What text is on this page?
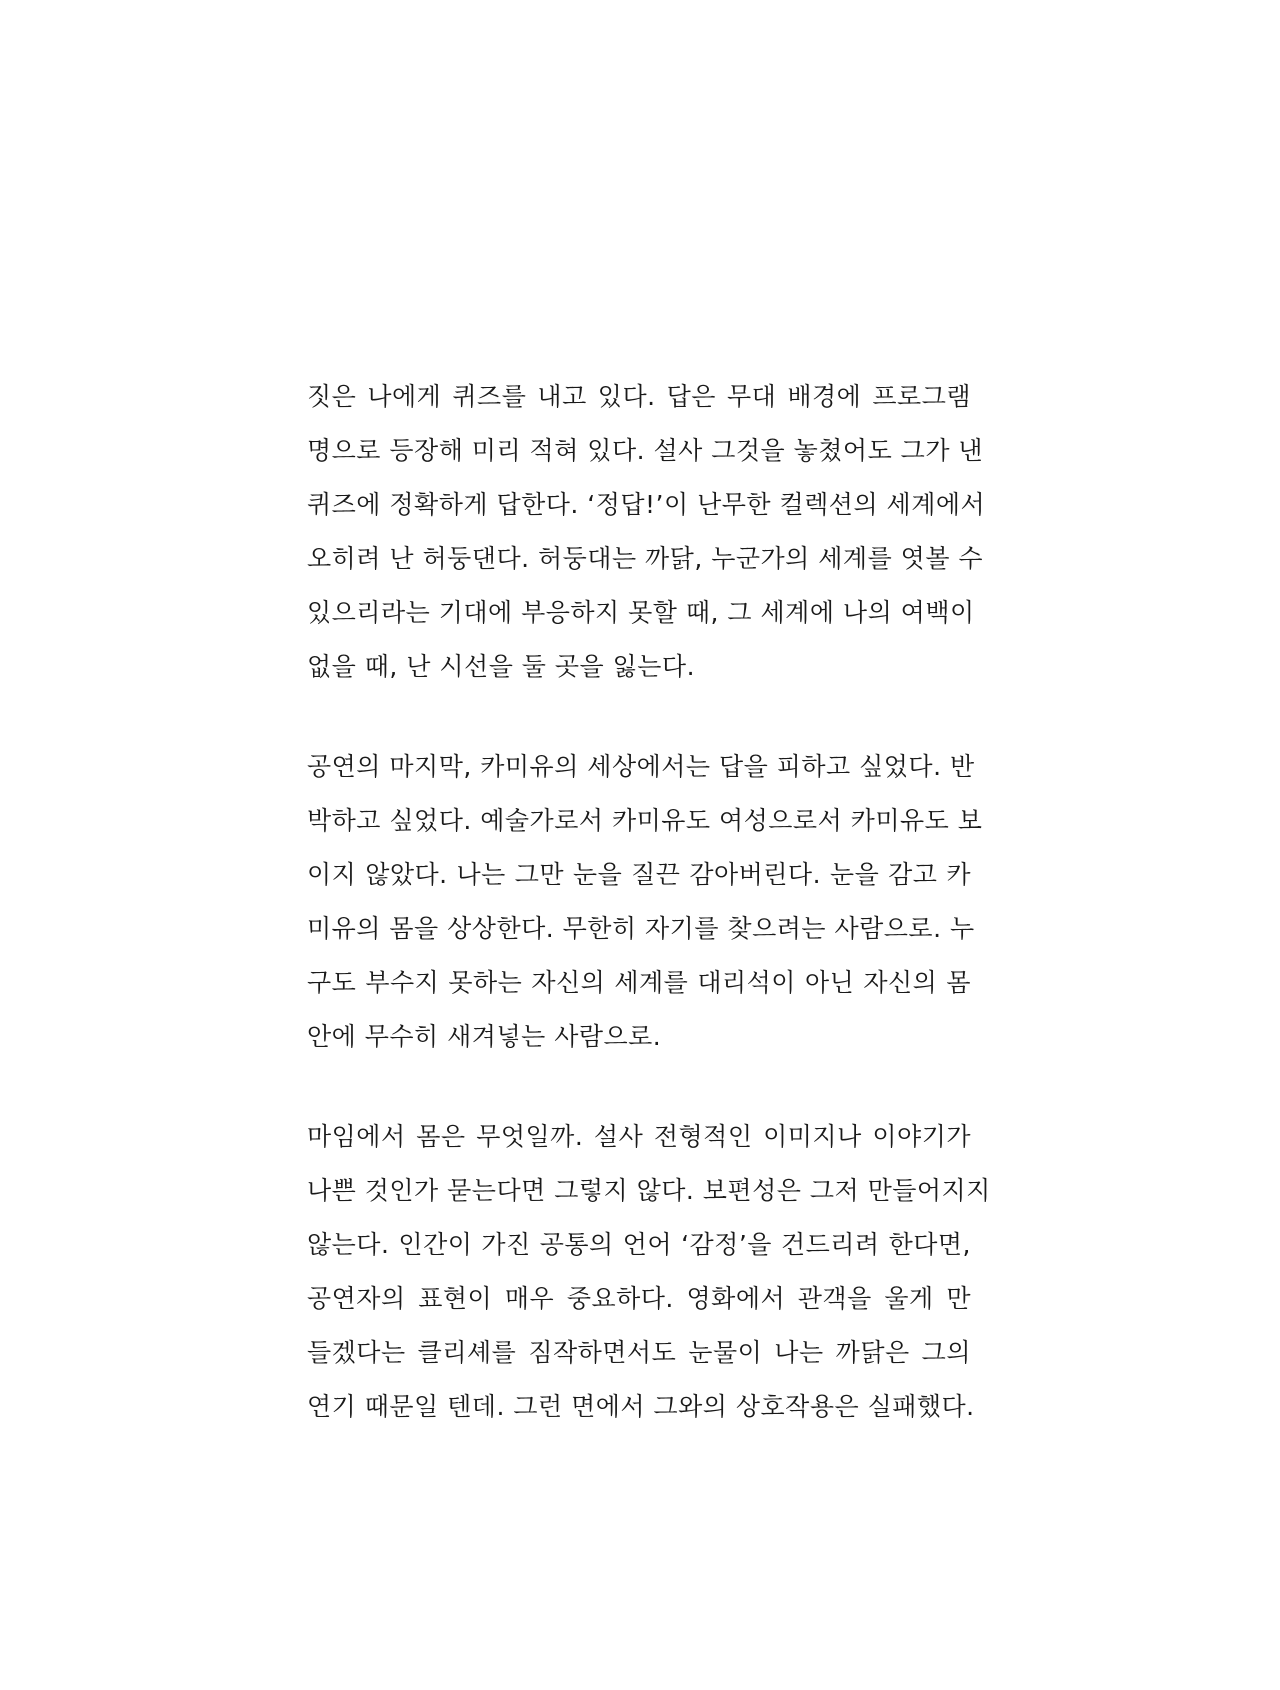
짓은 나에게 퀴즈를 내고 있다. 답은 무대 배경에 프로그램
명으로 등장해 미리 적혀 있다. 설사 그것을 놓쳤어도 그가 낸
퀴즈에 정확하게 답한다. ‘정답!’이 난무한 컬렉션의 세계에서
오히려 난 허둥댄다. 허둥대는 까닭, 누군가의 세계를 엿볼 수
있으리라는 기대에 부응하지 못할 때, 그 세계에 나의 여백이
없을 때, 난 시선을 둘 곳을 잃는다.

공연의 마지막, 카미유의 세상에서는 답을 피하고 싶었다. 반
박하고 싶었다. 예술가로서 카미유도 여성으로서 카미유도 보
이지 않았다. 나는 그만 눈을 질끈 감아버린다. 눈을 감고 카
미유의 몸을 상상한다. 무한히 자기를 찾으려는 사람으로. 누
구도 부수지 못하는 자신의 세계를 대리석이 아닌 자신의 몸
안에 무수히 새겨넣는 사람으로.

마임에서 몸은 무엇일까. 설사 전형적인 이미지나 이야기가
나쁜 것인가 묻는다면 그렇지 않다. 보편성은 그저 만들어지지
않는다. 인간이 가진 공통의 언어 ‘감정’을 건드리려 한다면,
공연자의 표현이 매우 중요하다. 영화에서 관객을 울게 만
들겠다는 클리셰를 짐작하면서도 눈물이 나는 까닭은 그의
연기 때문일 텐데. 그런 면에서 그와의 상호작용은 실패했다.
